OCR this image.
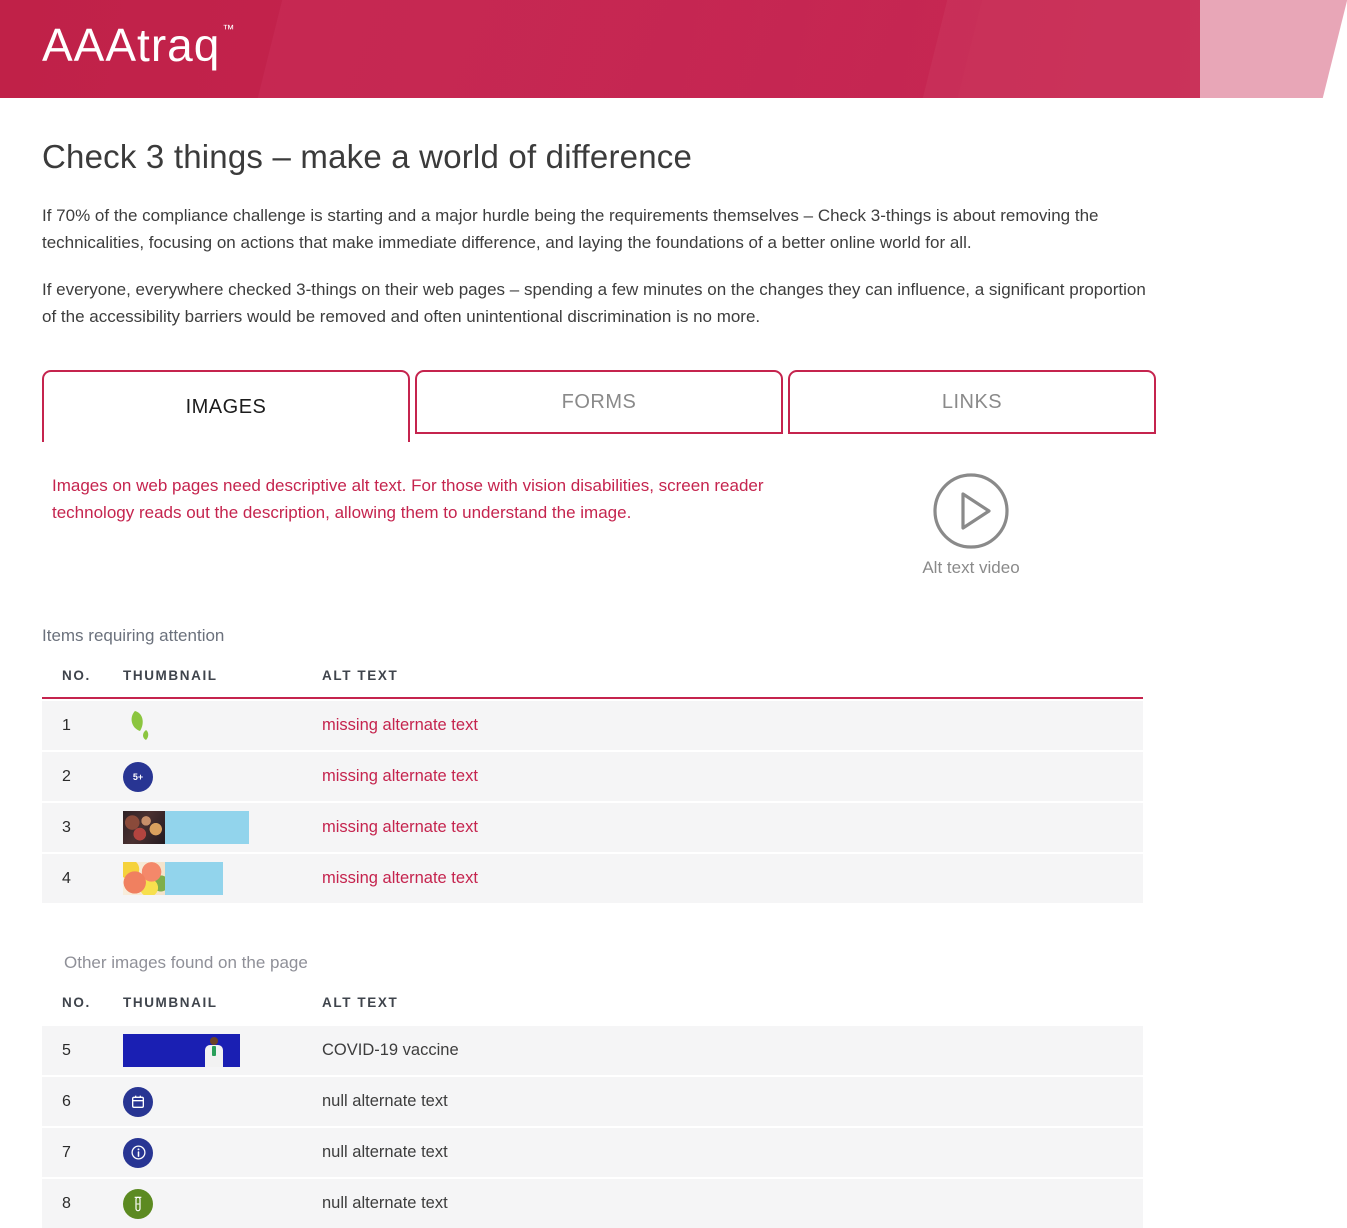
AAAtraq ™
Check 3 things – make a world of difference

If 70% of the compliance challenge is starting and a major hurdle being the requirements themselves – Check 3-things is about removing the technicalities, focusing on actions that make immediate difference, and laying the foundations of a better online world for all.

If everyone, everywhere checked 3-things on their web pages – spending a few minutes on the changes they can influence, a significant proportion of the accessibility barriers would be removed and often unintentional discrimination is no more.

IMAGES	FORMS	LINKS
Images on web pages need descriptive alt text. For those with vision disabilities, screen reader technology reads out the description, allowing them to understand the image.
Alt text video
Items requiring attention
NO.	THUMBNAIL	ALT TEXT
1	missing alternate text
2	5+	missing alternate text
3	missing alternate text
4	missing alternate text
Other images found on the page
NO.	THUMBNAIL	ALT TEXT
5	COVID-19 vaccine
6	null alternate text
7	null alternate text
8	null alternate text
